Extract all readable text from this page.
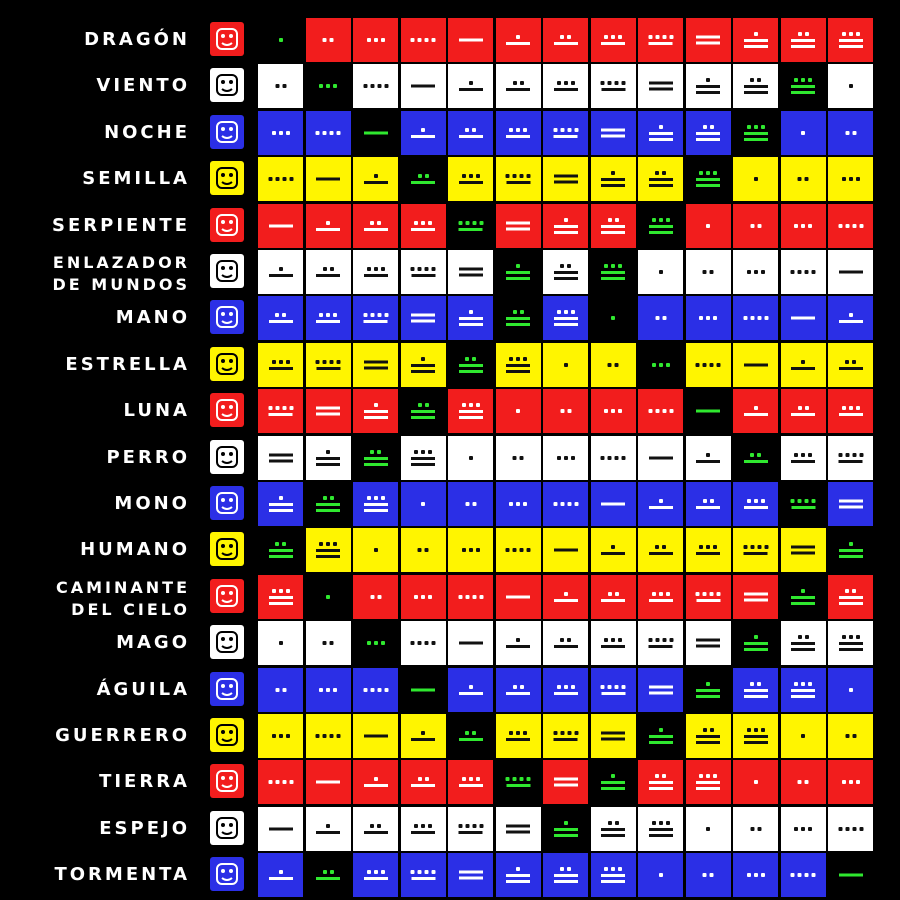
DRAGÓN
VIENTO
NOCHE
SEMILLA
SERPIENTE
ENLAZADOR
DE MUNDOS
MANO
ESTRELLA
LUNA
PERRO
MONO
HUMANO
CAMINANTE
DEL CIELO
MAGO
ÁGUILA
GUERRERO
TIERRA
ESPEJO
TORMENTA
